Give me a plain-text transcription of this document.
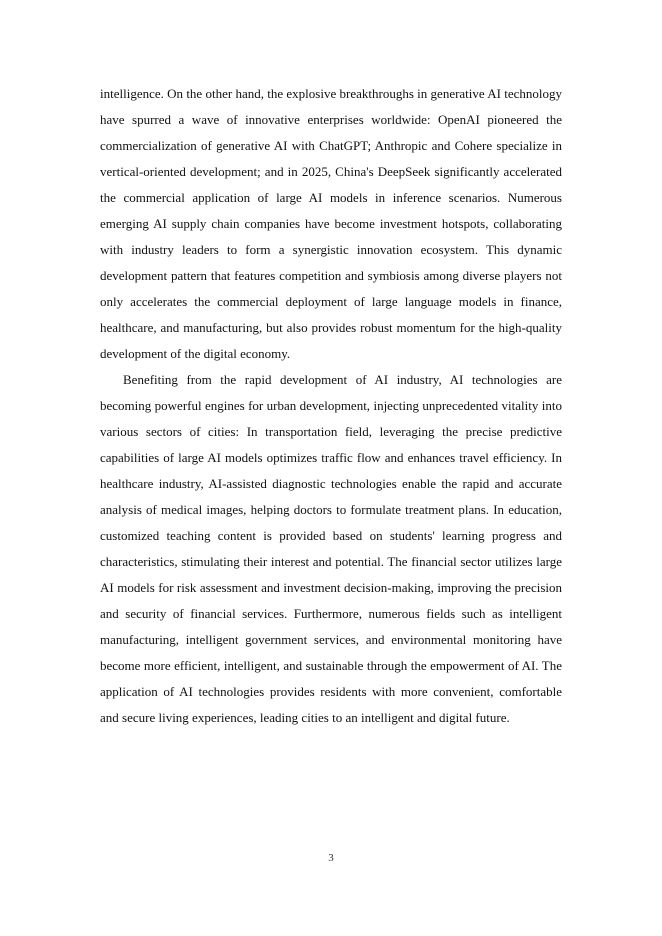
intelligence. On the other hand, the explosive breakthroughs in generative AI technology have spurred a wave of innovative enterprises worldwide: OpenAI pioneered the commercialization of generative AI with ChatGPT; Anthropic and Cohere specialize in vertical-oriented development; and in 2025, China's DeepSeek significantly accelerated the commercial application of large AI models in inference scenarios. Numerous emerging AI supply chain companies have become investment hotspots, collaborating with industry leaders to form a synergistic innovation ecosystem. This dynamic development pattern that features competition and symbiosis among diverse players not only accelerates the commercial deployment of large language models in finance, healthcare, and manufacturing, but also provides robust momentum for the high-quality development of the digital economy.

Benefiting from the rapid development of AI industry, AI technologies are becoming powerful engines for urban development, injecting unprecedented vitality into various sectors of cities: In transportation field, leveraging the precise predictive capabilities of large AI models optimizes traffic flow and enhances travel efficiency. In healthcare industry, AI-assisted diagnostic technologies enable the rapid and accurate analysis of medical images, helping doctors to formulate treatment plans. In education, customized teaching content is provided based on students' learning progress and characteristics, stimulating their interest and potential. The financial sector utilizes large AI models for risk assessment and investment decision-making, improving the precision and security of financial services. Furthermore, numerous fields such as intelligent manufacturing, intelligent government services, and environmental monitoring have become more efficient, intelligent, and sustainable through the empowerment of AI. The application of AI technologies provides residents with more convenient, comfortable and secure living experiences, leading cities to an intelligent and digital future.

3
